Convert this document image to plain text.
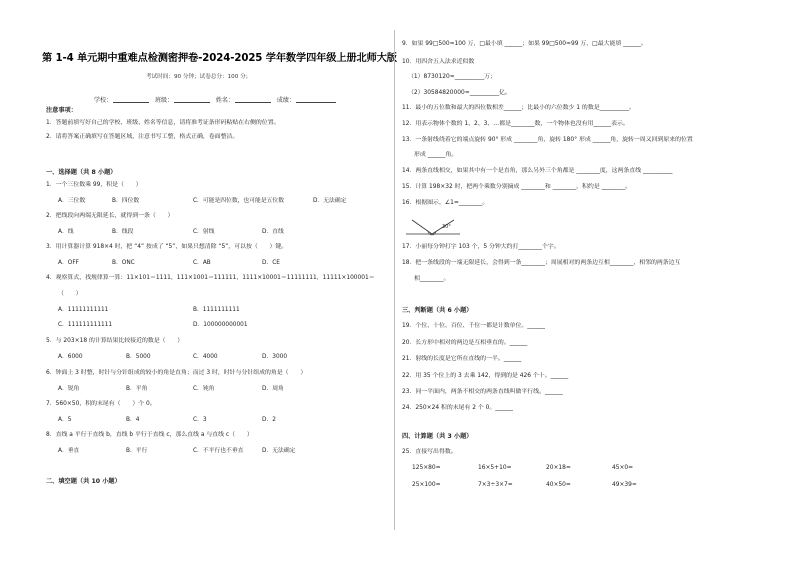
第 1-4 单元期中重难点检测密押卷-2024-2025 学年数学四年级上册北师大版
考试时间：90 分钟；试卷总分：100 分；
学校：	班级：	姓名：	成绩：
注意事项：
1．答题前填写好自己的学校、班级、姓名等信息，请将准考证条形码粘贴在右侧的位置。
2．请将答案正确填写在答题区域，注意书写工整，格式正确，卷面整洁。
一、选择题（共 8 小题）
1．一个三位数乘 99，积是（　　）
A．三位数	B．四位数	C．可能是四位数，也可能是五位数	D．无法确定
2．把线段向两端无限延长，就得到一条（　　）
A．线	B．线段	C．射线	D．直线
3．用计算器计算 918×4 时，把 “4” 按成了 “5”，如果只想清除 “5”，可以按（　　）键。
A．OFF	B．ONC	C．AB	D．CE
4．观察算式，找规律算一算：11×101＝1111，111×1001＝111111，1111×10001＝11111111，11111×100001＝
（　　）
A．11111111111	B．1111111111
C．111111111111	D．100000000001
5．与 203×18 的计算结果比较接近的数是（　　）
A．6000	B．5000	C．4000	D．3000
6．钟面上 3 时整，时针与分针组成的较小的角是直角；而过 3 时，时针与分针组成的角是（　　）
A．锐角	B．平角	C．钝角	D．周角
7．560×50，积的末尾有（　　）个 0。
A．5	B．4	C．3	D．2
8．直线 a 平行于直线 b，直线 b 平行于直线 c，那么直线 a 与直线 c（　　）
A．垂直	B．平行	C．不平行也不垂直	D．无法确定
二、填空题（共 10 小题）
9．如果 99□500≈100 万，□最小填 ______；如果 99□500≈99 万，□最大能填 ______。
10．用四舍五入法求近似数
（1）8730120≈__________万；
（2）30584820000≈__________亿。
11．最小的五位数和最大的四位数相差______；比最小的六位数少 1 的数是__________。
12．用表示物体个数的 1、2、3、…都是________数，一个物体也没有用______表示。
13．一条射线绕着它的端点旋转 90° 形成 ________角，旋转 180° 形成 ______角，旋转一周又回到原来的位置
形成 ______角。
14．两条直线相交，如果其中有一个是直角，那么另外三个角都是 ________度，这两条直线 __________
15．计算 198×32 时，把两个乘数分别摘成 ________和 ________，积约是 ________。
16．根据图示，∠1=________。
30°
17．小丽每分钟打字 103 个，5 分钟大约打________个字。
18．把一条线段的一端无限延长，会得到一条________；周展相对的两条边互相________，相邻的两条边互
相________。
三、判断题（共 6 小题）
19．个位、十位、百位、千位一都是计数单位。______
20．长方形中相对的两边是互相垂直的。______
21．射线的长度是它所在直线的一半。______
22．用 35 个位上的 3 去乘 142，得到的是 426 个十。______
23．同一平面内，两条不相交的两条直线叫做平行线。______
24．250×24 积的末尾有 2 个 0。______
四、计算题（共 3 小题）
25．直接写出得数。
125×80=	16×5+10=	20×18=	45×0=
25×100=	7×3÷3×7=	40×50=	49×39≈
